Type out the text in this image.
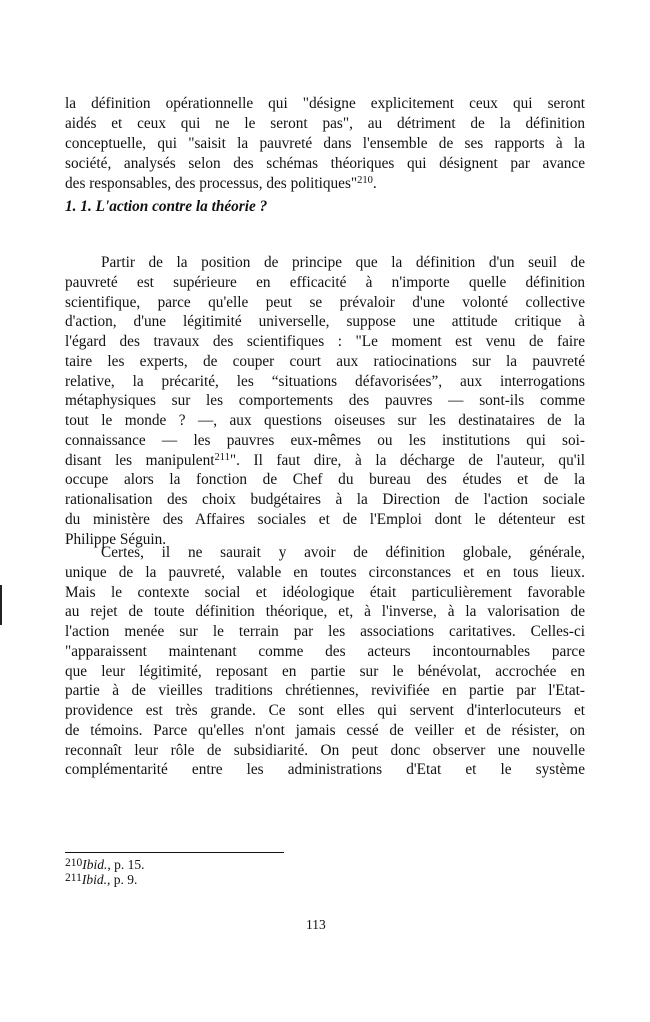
la définition opérationnelle qui "désigne explicitement ceux qui seront
aidés et ceux qui ne le seront pas", au détriment de la définition
conceptuelle, qui "saisit la pauvreté dans l'ensemble de ses rapports à la
société, analysés selon des schémas théoriques qui désignent par avance
des responsables, des processus, des politiques"$^{210}$.
1. 1. L'action contre la théorie ?
Partir de la position de principe que la définition d'un seuil de
pauvreté est supérieure en efficacité à n'importe quelle définition
scientifique, parce qu'elle peut se prévaloir d'une volonté collective
d'action, d'une légitimité universelle, suppose une attitude critique à
l'égard des travaux des scientifiques : "Le moment est venu de faire
taire les experts, de couper court aux ratiocinations sur la pauvreté
relative, la précarité, les “situations défavorisées”, aux interrogations
métaphysiques sur les comportements des pauvres — sont-ils comme
tout le monde ? —, aux questions oiseuses sur les destinataires de la
connaissance — les pauvres eux-mêmes ou les institutions qui soi-
disant les manipulent$^{211}$". Il faut dire, à la décharge de l'auteur, qu'il
occupe alors la fonction de Chef du bureau des études et de la
rationalisation des choix budgétaires à la Direction de l'action sociale
du ministère des Affaires sociales et de l'Emploi dont le détenteur est
Philippe Séguin.
Certes, il ne saurait y avoir de définition globale, générale,
unique de la pauvreté, valable en toutes circonstances et en tous lieux.
Mais le contexte social et idéologique était particulièrement favorable
au rejet de toute définition théorique, et, à l'inverse, à la valorisation de
l'action menée sur le terrain par les associations caritatives. Celles-ci
"apparaissent maintenant comme des acteurs incontournables parce
que leur légitimité, reposant en partie sur le bénévolat, accrochée en
partie à de vieilles traditions chrétiennes, revivifiée en partie par l'Etat-
providence est très grande. Ce sont elles qui servent d'interlocuteurs et
de témoins. Parce qu'elles n'ont jamais cessé de veiller et de résister, on
reconnaît leur rôle de subsidiarité. On peut donc observer une nouvelle
complémentarité entre les administrations d'Etat et le système
$^{210}$Ibid., p. 15.
$^{211}$Ibid., p. 9.
113
